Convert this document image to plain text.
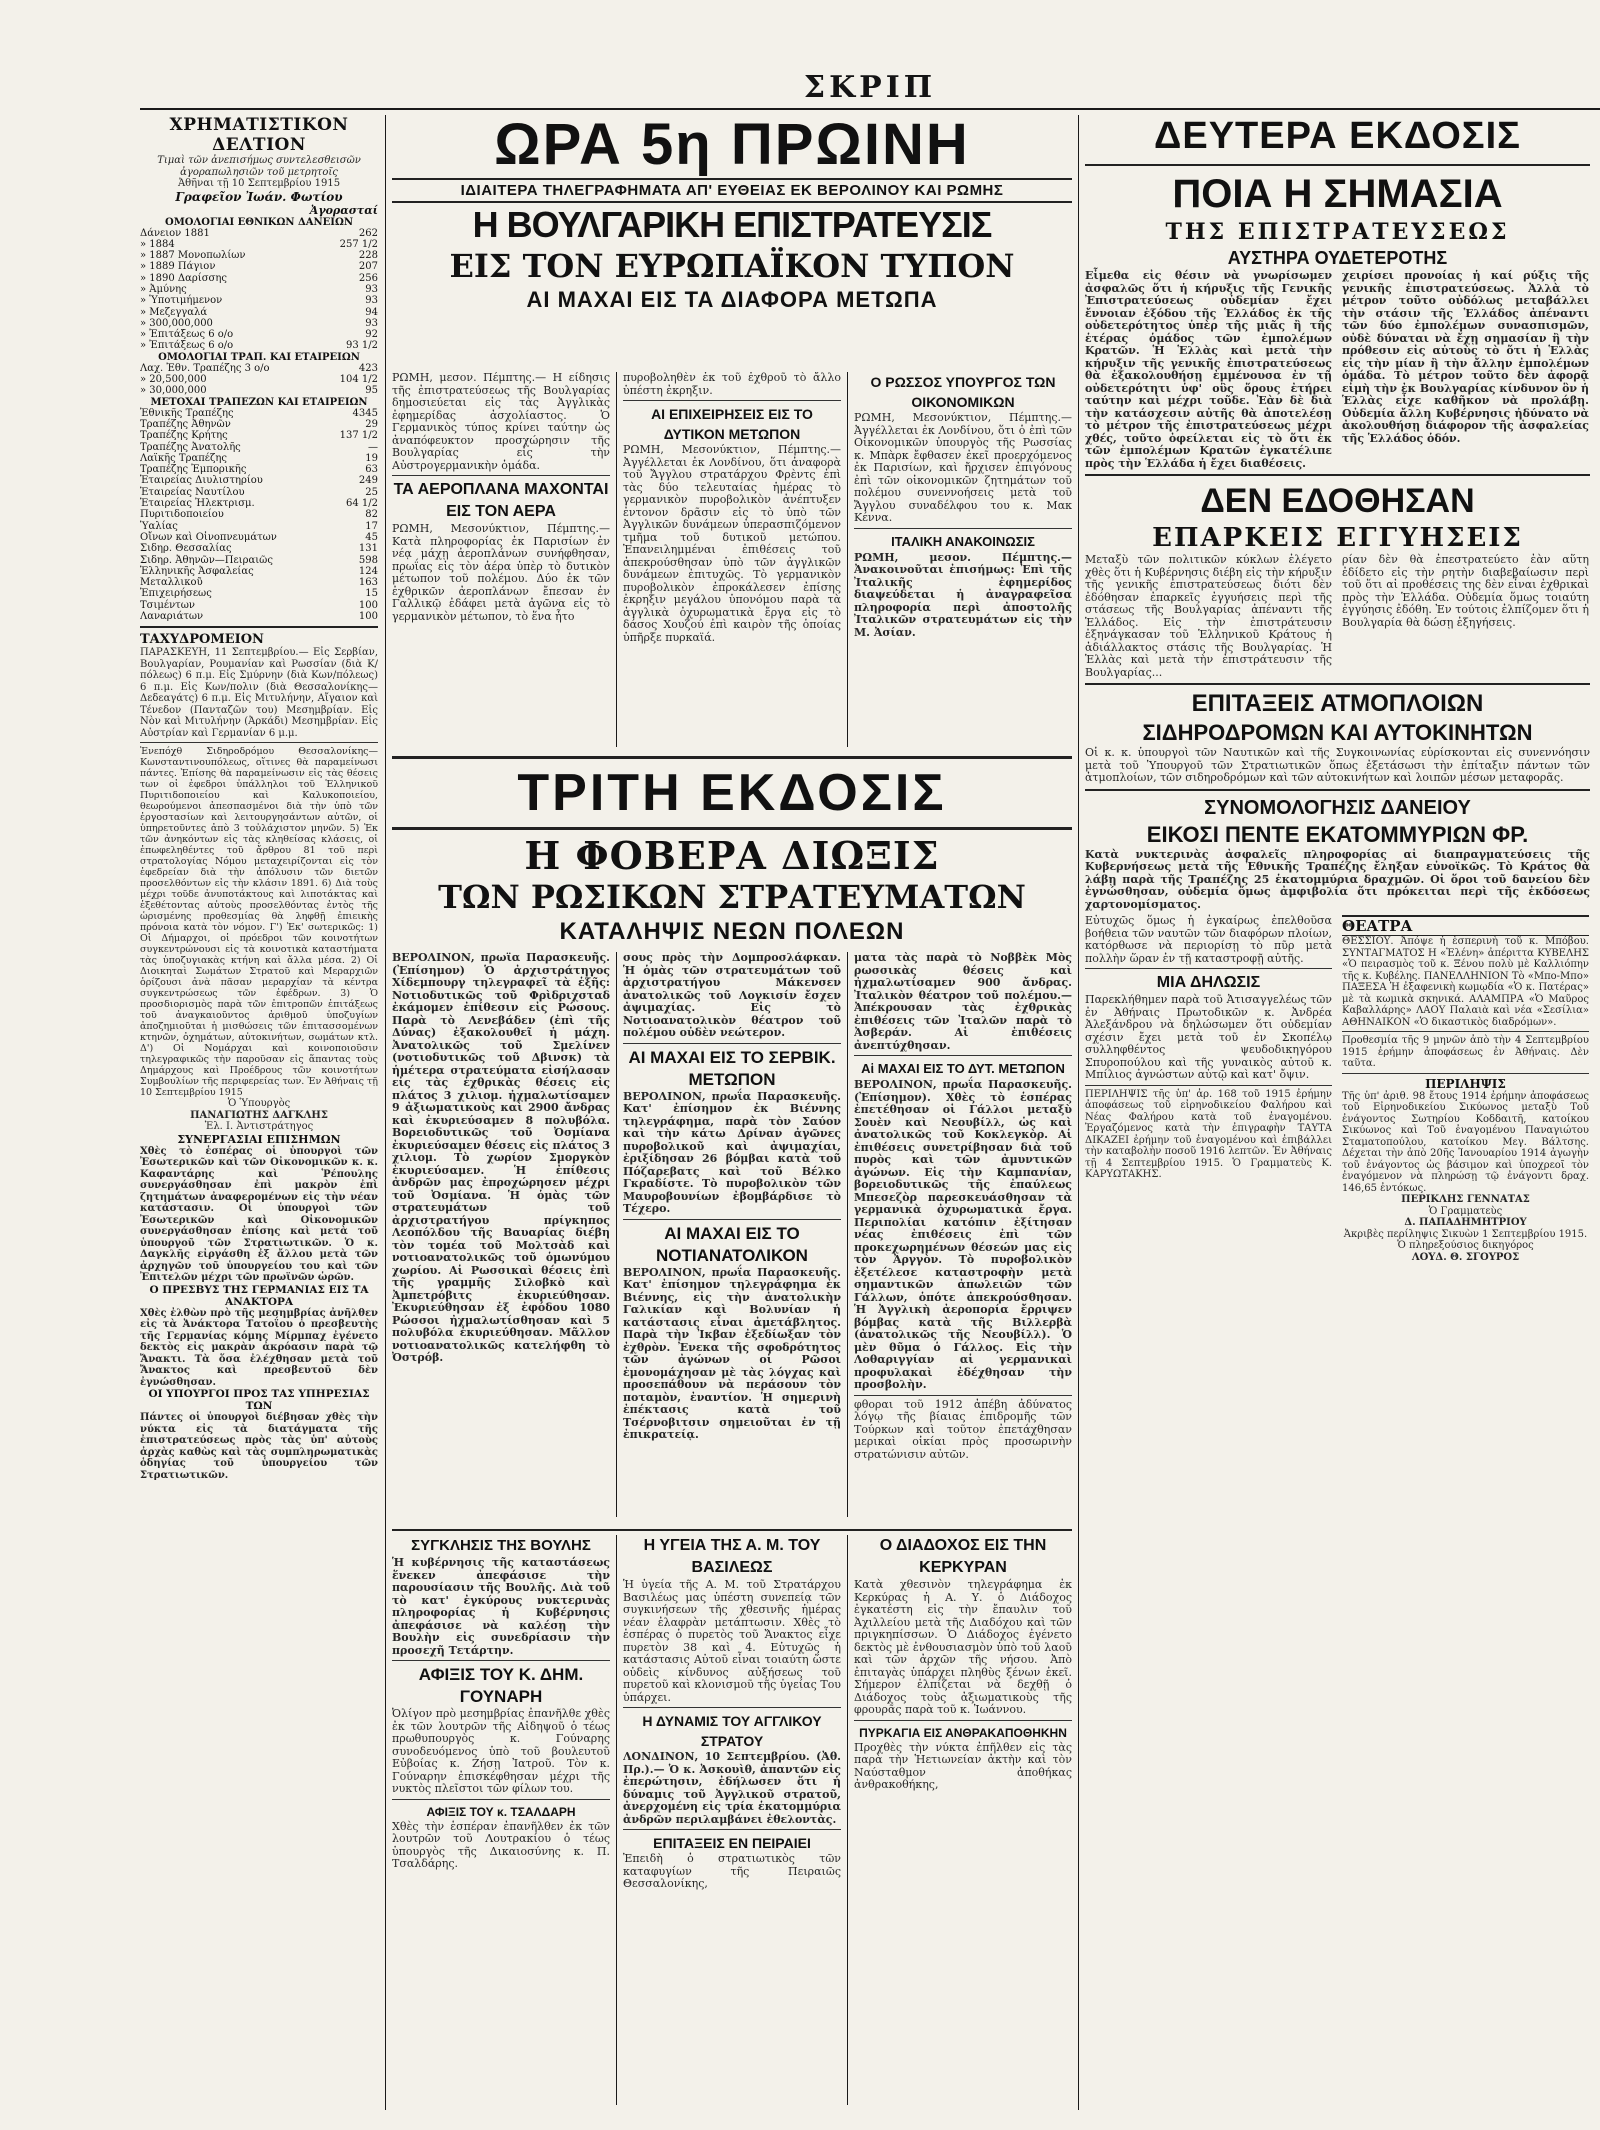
ΣΚΡΙΠ
ΧΡΗΜΑΤΙΣΤΙΚΟΝ ΔΕΛΤΙΟΝ

Τιμαὶ τῶν ἀνεπισήμως συντελεσθεισῶν ἀγοραπωλησιῶν τοῦ μετρητοῖς

Ἀθῆναι τῇ 10 Σεπτεμβρίου 1915

Γραφεῖον Ἰωάν. Φωτίου
Ἀγορασταί
ΟΜΟΛΟΓΙΑΙ ΕΘΝΙΚΩΝ ΔΑΝΕΙΩΝ
Δάνειον 1881	262
» 1884	257 1/2
» 1887 Μονοπωλίων	228
» 1889 Πάγιον	207
» 1890 Δαρίσσης	256
» Ἀμύνης	93
» Ὑποτιμήμενον	93
» Μεζεγγαλά	94
» 300,000,000	93
» Ἐπιτάξεως 6 ο/ο	92
» Ἐπιτάξεως 6 ο/ο	93 1/2
ΟΜΟΛΟΓΙΑΙ ΤΡΑΠ. ΚΑΙ ΕΤΑΙΡΕΙΩΝ
Λαχ. Ἐθν. Τραπέζης 3 ο/ο	423
» 20,500,000	104 1/2
» 30,000,000	95
ΜΕΤΟΧΑΙ ΤΡΑΠΕΖΩΝ ΚΑΙ ΕΤΑΙΡΕΙΩΝ
Ἐθνικῆς Τραπέζης	4345
Τραπέζης Ἀθηνῶν	29
Τραπέζης Κρήτης	137 1/2
Τραπέζης Ἀνατολῆς	—
Λαϊκῆς Τραπέζης	19
Τραπέζης Ἐμπορικῆς	63
Ἑταιρείας Διυλιστηρίου	249
Ἑταιρείας Ναυτίλου	25
Ἑταιρείας Ἠλεκτρισμ.	64 1/2
Πυριτιδοποιείου	82
Ὑαλίας	17
Οἴνων καὶ Οἰνοπνευμάτων	45
Σιδηρ. Θεσσαλίας	131
Σιδηρ. Ἀθηνῶν—Πειραιῶς	598
Ἑλληνικῆς Ἀσφαλείας	124
Μεταλλικοῦ	163
Ἐπιχειρήσεως	15
Τσιμέντων	100
Λαναριάτων	100
ΤΑΧΥΔΡΟΜΕΙΟΝ

ΠΑΡΑΣΚΕΥΗ, 11 Σεπτεμβρίου.— Εἰς Σερβίαν, Βουλγαρίαν, Ρουμανίαν καὶ Ρωσσίαν (διὰ Κ/πόλεως) 6 π.μ. Εἰς Σμύρνην (διὰ Κων/πόλεως) 6 π.μ. Εἰς Κων/πολιν (διὰ Θεσσαλονίκης—Δεδεαγάτς) 6 π.μ. Εἰς Μιτυλήνην, Αἴγαιον καὶ Τένεδον (Πανταζῶν του) Μεσημβρίαν. Εἰς Νὸν καὶ Μιτυλήνην (Ἀρκάδι) Μεσημβρίαν. Εἰς Αὐστρίαν καὶ Γερμανίαν 6 μ.μ.

Ἐνεπόχθ Σιδηροδρόμου Θεσσαλονίκης—Κωνσταντινουπόλεως, οἵτινες θὰ παραμείνωσι πάντες. Ἐπίσης θὰ παραμείνωσιν εἰς τὰς θέσεις των οἱ ἐφεδροι ὑπάλληλοι τοῦ Ἑλληνικοῦ Πυριτιδοποιείου καὶ Καλυκοποιείου, θεωρούμενοι ἀπεσπασμένοι διὰ τὴν ὑπὸ τῶν ἐργοστασίων καὶ λειτουργησάντων αὐτῶν, οἱ ὑπηρετοῦντες ἀπὸ 3 τοὐλάχιστον μηνῶν. 5) Ἐκ τῶν ἀνηκόντων εἰς τὰς κληθείσας κλάσεις, οἱ ἐπωφεληθέντες τοῦ ἄρθρου 81 τοῦ περὶ στρατολογίας Νόμου μεταχειρίζονται εἰς τὸν ἐφεδρείαν διὰ τὴν ἀπόλυσιν τῶν διετῶν προσελθόντων εἰς τὴν κλάσιν 1891. 6) Διὰ τοὺς μέχρι τοῦδε ἀνυποτάκτους καὶ λιποτάκτας καὶ ἐξεθέτοντας αὐτοὺς προσελθόντας ἐντὸς τῆς ὡρισμένης προθεσμίας θὰ ληφθῇ ἐπιεικὴς πρόνοια κατὰ τὸν νόμον. Γ') Ἐκ' σωτερικῶς: 1) Οἱ Δήμαρχοι, οἱ πρόεδροι τῶν κοινοτήτων συγκεντρώνουσι εἰς τὰ κοινοτικὰ καταστήματα τὰς ὑποζυγιακὰς κτήνη καὶ ἄλλα μέσα. 2) Οἱ Διοικηταὶ Σωμάτων Στρατοῦ καὶ Μεραρχιῶν ὁρίζουσι ἀνὰ πᾶσαν μεραρχίαν τὰ κέντρα συγκεντρώσεως τῶν ἐφέδρων. 3) Ὁ προσδιορισμὸς παρὰ τῶν ἐπιτροπῶν ἐπιτάξεως τοῦ ἀναγκαιοῦντος ἀριθμοῦ ὑποζυγίων ἀποζημιοῦται ἡ μισθώσεις τῶν ἐπιτασσομένων κτηνῶν, ὀχημάτων, αὐτοκινήτων, σωμάτων κτλ. Δ') Οἱ Νομάρχαι καὶ κοινοποιοῦσιν τηλεγραφικῶς τὴν παροῦσαν εἰς ἅπαντας τοὺς Δημάρχους καὶ Προέδρους τῶν κοινοτήτων Συμβουλίων τῆς περιφερείας των. Ἐν Ἀθήναις τῇ 10 Σεπτεμβρίου 1915

Ὁ Ὑπουργὸς

ΠΑΝΑΓΙΩΤΗΣ ΔΑΓΚΛΗΣ

Ἐλ. Ι. Ἀντιστράτηγος

ΣΥΝΕΡΓΑΣΙΑΙ ΕΠΙΣΗΜΩΝ

Χθὲς τὸ ἑσπέρας οἱ ὑπουργοὶ τῶν Ἐσωτερικῶν καὶ τῶν Οἰκονομικῶν κ. κ. Καφαντάρης καὶ Ῥέπουλης συνεργάσθησαν ἐπὶ μακρὸν ἐπὶ ζητημάτων ἀναφερομένων εἰς τὴν νέαν κατάστασιν. Οἱ ὑπουργοὶ τῶν Ἐσωτερικῶν καὶ Οἰκονομικῶν συνεργάσθησαν ἐπίσης καὶ μετὰ τοῦ ὑπουργοῦ τῶν Στρατιωτικῶν. Ὁ κ. Δαγκλῆς εἰργάσθη ἐξ ἄλλου μετὰ τῶν ἀρχηγῶν τοῦ ὑπουργείου του καὶ τῶν Ἐπιτελῶν μέχρι τῶν πρωϊνῶν ὡρῶν.

Ο ΠΡΕΣΒΥΣ ΤΗΣ ΓΕΡΜΑΝΙΑΣ ΕΙΣ ΤΑ ΑΝΑΚΤΟΡΑ

Χθὲς ἐλθὼν πρὸ τῆς μεσημβρίας ἀνῆλθεν εἰς τὰ Ἀνάκτορα Τατοΐου ὁ πρεσβευτὴς τῆς Γερμανίας κόμης Μίρμπαχ ἐγένετο δεκτὸς εἰς μακρὰν ἀκρόασιν παρὰ τῷ Ἄνακτι. Τὰ ὅσα ἐλέχθησαν μετὰ τοῦ Ἄνακτος καὶ πρεσβευτοῦ δὲν ἐγνώσθησαν.

ΟΙ ΥΠΟΥΡΓΟΙ ΠΡΟΣ ΤΑΣ ΥΠΗΡΕΣΙΑΣ ΤΩΝ

Πάντες οἱ ὑπουργοὶ διέβησαν χθὲς τὴν νύκτα εἰς τὰ διατάγματα τῆς ἐπιστρατεύσεως πρὸς τὰς ὑπ' αὐτοὺς ἀρχὰς καθὼς καὶ τὰς συμπληρωματικὰς ὁδηγίας τοῦ ὑπουργείου τῶν Στρατιωτικῶν.

ΩΡΑ 5η ΠΡΩΙΝΗ
ΙΔΙΑΙΤΕΡΑ ΤΗΛΕΓΡΑΦΗΜΑΤΑ ΑΠ' ΕΥΘΕΙΑΣ ΕΚ ΒΕΡΟΛΙΝΟΥ ΚΑΙ ΡΩΜΗΣ
Η ΒΟΥΛΓΑΡΙΚΗ ΕΠΙΣΤΡΑΤΕΥΣΙΣ
ΕΙΣ ΤΟΝ ΕΥΡΩΠΑΪΚΟΝ ΤΥΠΟΝ
ΑΙ ΜΑΧΑΙ ΕΙΣ ΤΑ ΔΙΑΦΟΡΑ ΜΕΤΩΠΑ

ΡΩΜΗ, μεσον. Πέμπτης.— Η είδησις τῆς ἐπιστρατεύσεως τῆς Βουλγαρίας δημοσιεύεται εἰς τὰς Ἀγγλικὰς ἐφημερίδας ἀσχολίαστος. Ὁ Γερμανικὸς τύπος κρίνει ταύτην ὡς ἀναπόφευκτον προσχώρησιν τῆς Βουλγαρίας εἰς τὴν Αὐστρογερμανικὴν ὁμάδα.

ΤΑ ΑΕΡΟΠΛΑΝΑ ΜΑΧΟΝΤΑΙ ΕΙΣ ΤΟΝ ΑΕΡΑ

ΡΩΜΗ, Μεσονύκτιον, Πέμπτης.— Κατὰ πληροφορίας ἐκ Παρισίων ἐν νέᾳ μάχῃ ἀεροπλάνων συνήφθησαν, πρωΐας εἰς τὸν ἀέρα ὑπὲρ τὸ δυτικὸν μέτωπον τοῦ πολέμου. Δύο ἐκ τῶν ἐχθρικῶν ἀεροπλάνων ἔπεσαν ἐν Γαλλικῷ ἐδάφει μετὰ ἀγῶνα εἰς τὸ γερμανικὸν μέτωπον, τὸ ἕνα ἦτο

πυροβοληθὲν ἐκ τοῦ ἐχθροῦ τὸ ἄλλο ὑπέστη ἐκρηξιν.

ΑΙ ΕΠΙΧΕΙΡΗΣΕΙΣ ΕΙΣ ΤΟ ΔΥΤΙΚΟΝ ΜΕΤΩΠΟΝ

ΡΩΜΗ, Μεσονύκτιον, Πέμπτης.— Ἀγγέλλεται ἐκ Λονδίνου, ὅτι ἀναφορὰ τοῦ Ἄγγλου στρατάρχου Φρὲντς ἐπὶ τὰς δύο τελευταίας ἡμέρας τὸ γερμανικὸν πυροβολικὸν ἀνέπτυξεν ἐντονον δρᾶσιν εἰς τὸ ὑπὸ τῶν Ἀγγλικῶν δυνάμεων ὑπερασπιζόμενον τμῆμα τοῦ δυτικοῦ μετώπου. Ἐπανειλημμέναι ἐπιθέσεις τοῦ ἀπεκρούσθησαν ὑπὸ τῶν ἀγγλικῶν δυνάμεων ἐπιτυχῶς. Τὸ γερμανικὸν πυροβολικὸν ἐπροκάλεσεν ἐπίσης ἐκρηξιν μεγάλου ὑπονόμου παρὰ τὰ ἀγγλικὰ ὀχυρωματικὰ ἔργα εἰς τὸ δάσος Χουζού ἐπὶ καιρὸν τῆς ὁποίας ὑπῆρξε πυρκαϊά.

Ο ΡΩΣΣΟΣ ΥΠΟΥΡΓΟΣ ΤΩΝ ΟΙΚΟΝΟΜΙΚΩΝ

ΡΩΜΗ, Μεσονύκτιον, Πέμπτης.— Ἀγγέλλεται ἐκ Λονδίνου, ὅτι ὁ ἐπὶ τῶν Οἰκονομικῶν ὑπουργὸς τῆς Ρωσσίας κ. Μπὰρκ ἔφθασεν ἐκεῖ προερχόμενος ἐκ Παρισίων, καὶ ἤρχισεν ἐπιγόνους ἐπὶ τῶν οἰκονομικῶν ζητημάτων τοῦ πολέμου συνεννοήσεις μετὰ τοῦ Ἄγγλου συναδέλφου του κ. Μακ Κέννα.

ΙΤΑΛΙΚΗ ΑΝΑΚΟΙΝΩΣΙΣ

ΡΩΜΗ, μεσον. Πέμπτης.— Ἀνακοινοῦται ἐπισήμως: Ἐπὶ τῆς Ἰταλικῆς ἐφημερίδος διαψεύδεται ἡ ἀναγραφεῖσα πληροφορία περὶ ἀποστολῆς Ἰταλικῶν στρατευμάτων εἰς τὴν Μ. Ἀσίαν.

ΤΡΙΤΗ ΕΚΔΟΣΙΣ
Η ΦΟΒΕΡΑ ΔΙΩΞΙΣ
ΤΩΝ ΡΩΣΙΚΩΝ ΣΤΡΑΤΕΥΜΑΤΩΝ
ΚΑΤΑΛΗΨΙΣ ΝΕΩΝ ΠΟΛΕΩΝ

ΒΕΡΟΛΙΝΟΝ, πρωΐα Παρασκευῆς. (Ἐπίσημον) Ὁ ἀρχιστράτηγος Χίδεμπουργ τηλεγραφεῖ τὰ ἑξῆς: Νοτιοδυτικῶς τοῦ Φρὶδριχσταδ ἐκάμομεν ἐπίθεσιν εἰς Ρώσους. Παρὰ τὸ Λενεβάδεν (ἐπὶ τῆς Δύνας) ἐξακολουθεῖ ἡ μάχη. Ἀνατολικῶς τοῦ Σμελίνεν (νοτιοδυτικῶς τοῦ Δβινσκ) τὰ ἡμέτερα στρατεύματα εἰσήλασαν εἰς τὰς ἐχθρικὰς θέσεις εἰς πλάτος 3 χιλιομ. ἠχμαλωτίσαμεν 9 ἀξιωματικοὺς καὶ 2900 ἄνδρας καὶ ἐκυριεύσαμεν 8 πολυβόλα. Βορειοδυτικῶς τοῦ Ὀσμίανα ἐκυριεύσαμεν θέσεις εἰς πλάτος 3 χιλιομ. Τὸ χωρίον Σμοργκὸν ἐκυριεύσαμεν. Ἡ ἐπίθεσις ἀνδρῶν μας ἐπροχώρησεν μέχρι τοῦ Ὀσμίανα. Ἡ ὁμὰς τῶν στρατευμάτων τοῦ ἀρχιστρατήγου πρίγκηπος Λεοπόλδου τῆς Βαυαρίας διέβη τὸν τομέα τοῦ Μολτσὰδ καὶ νοτιοανατολικῶς τοῦ ὁμωνύμου χωρίου. Αἱ Ρωσσικαὶ θέσεις ἐπὶ τῆς γραμμῆς Σιλοβκὸ καὶ Ἀμπετρόβιτς ἐκυριεύθησαν. Ἐκυριεύθησαν ἐξ ἐφόδου 1080 Ρώσσοι ἠχμαλωτίσθησαν καὶ 5 πολυβόλα ἐκυριεύθησαν. Μᾶλλον νοτιοανατολικῶς κατελήφθη τὸ Ὀστρόβ.

σους πρὸς τὴν Δομπροσλάφκαν. Ἡ ὁμὰς τῶν στρατευμάτων τοῦ ἀρχιστρατήγου Μάκενσεν ἀνατολικῶς τοῦ Λογκισίν ἔσχεν ἀψιμαχίας. Εἰς τὸ Νοτιοανατολικὸν θέατρον τοῦ πολέμου οὐδὲν νεώτερον.

ΑΙ ΜΑΧΑΙ ΕΙΣ ΤΟ ΣΕΡΒΙΚ. ΜΕΤΩΠΟΝ

ΒΕΡΟΛΙΝΟΝ, πρωΐα Παρασκευῆς. Κατ' ἐπίσημον ἐκ Βιέννης τηλεγράφημα, παρὰ τὸν Σαύον καὶ τὴν κάτω Δρίναν ἀγῶνες πυροβολικοῦ καὶ ἀψιμαχίαι, ἐριξίδησαν 26 βόμβαι κατὰ τοῦ Πόζαρεβατς καὶ τοῦ Βέλκο Γκραδίστε. Τὸ πυροβολικὸν τῶν Μαυροβουνίων ἐβομβάρδισε τὸ Τέχερο.

ΑΙ ΜΑΧΑΙ ΕΙΣ ΤΟ ΝΟΤΙΑΝΑΤΟΛΙΚΟΝ

ΒΕΡΟΛΙΝΟΝ, πρωΐα Παρασκευῆς. Κατ' ἐπίσημον τηλεγράφημα ἐκ Βιέννης, εἰς τὴν ἀνατολικὴν Γαλικίαν καὶ Βολυνίαν ἡ κατάστασις εἶναι ἀμετάβλητος. Παρὰ τὴν Ἰκβαν ἐξεδίωξαν τὸν ἐχθρὸν. Ἐνεκα τῆς σφοδρότητος τῶν ἀγώνων οἱ Ρῶσοι ἐμονομάχησαν μὲ τὰς λόγχας καὶ προσεπάθουν νὰ περάσουν τὸν ποταμὸν, ἐναντίον. Ἡ σημερινὴ ἐπέκτασις κατὰ τοῦ Τσέρνοβιτσιν σημειοῦται ἐν τῇ ἐπικρατείᾳ.

ματα τὰς παρὰ τὸ Νοββὲκ Μὸς ρωσσικὰς θέσεις καὶ ἠχμαλωτίσαμεν 900 ἄνδρας. Ἰταλικὸν θέατρον τοῦ πολέμου.— Ἀπέκρουσαν τὰς ἐχθρικὰς ἐπιθέσεις τῶν Ἰταλῶν παρὰ τὸ Ἀσβεράν. Αἱ ἐπιθέσεις ἀνεπτύχθησαν.

Αἱ ΜΑΧΑΙ ΕΙΣ ΤΟ ΔΥΤ. ΜΕΤΩΠΟΝ

ΒΕΡΟΛΙΝΟΝ, πρωΐα Παρασκευῆς. (Ἐπίσημον). Χθὲς τὸ ἑσπέρας ἐπετέθησαν οἱ Γάλλοι μεταξὺ Σουὲν καὶ Νεουβίλλ, ὡς καὶ ἀνατολικῶς τοῦ Κοκλεγκὸρ. Αἱ ἐπιθέσεις συνετρίβησαν διὰ τοῦ πυρὸς καὶ τῶν ἀμυντικῶν ἀγώνων. Εἰς τὴν Καμπανίαν, βορειοδυτικῶς τῆς ἐπαύλεως Μπεσεζὸρ παρεσκευάσθησαν τὰ γερμανικὰ ὀχυρωματικὰ ἔργα. Περιπολίαι κατόπιν ἐξίτησαν νέας ἐπιθέσεις ἐπὶ τῶν προκεχωρημένων θέσεών μας εἰς τὸν Ἀργγὸν. Τὸ πυροβολικὸν ἐξετέλεσε καταστροφὴν μετὰ σημαντικῶν ἀπωλειῶν τῶν Γάλλων, ὁπότε ἀπεκρούσθησαν. Ἡ Ἀγγλικὴ ἀεροπορία ἔρριψεν βόμβας κατὰ τῆς Βιλλερβὰ (ἀνατολικῶς τῆς Νεουβίλλ). Ὁ μὲν θῦμα ὁ Γάλλος. Εἰς τὴν Λοθαριγγίαν αἱ γερμανικαὶ προφυλακαὶ ἐδέχθησαν τὴν προσβολὴν.

φθοραι τοῦ 1912 ἀπέβη ἀδύνατος λόγῳ τῆς βίαιας ἐπιδρομῆς τῶν Τούρκων καὶ τοῦτον ἐπετάχθησαν μερικαὶ οἰκίαι πρὸς προσωρινὴν στρατώνισιν αὐτῶν.

ΣΥΓΚΛΗΣΙΣ ΤΗΣ ΒΟΥΛΗΣ

Ἡ κυβέρνησις τῆς καταστάσεως ἕνεκεν ἀπεφάσισε τὴν παρουσίασιν τῆς Βουλῆς. Διὰ τοῦ τὸ κατ' ἐγκύρους νυκτερινὰς πληροφορίας ἡ Κυβέρνησις ἀπεφάσισε νὰ καλέσῃ τὴν Βουλὴν εἰς συνεδρίασιν τὴν προσεχῆ Τετάρτην.

ΑΦΙΞΙΣ ΤΟΥ Κ. ΔΗΜ. ΓΟΥΝΑΡΗ

Ὀλίγον πρὸ μεσημβρίας ἐπανῆλθε χθὲς ἐκ τῶν λουτρῶν τῆς Αἰδηψοῦ ὁ τέως πρωθυπουργὸς κ. Γούναρης συνοδευόμενος ὑπὸ τοῦ βουλευτοῦ Εὐβοίας κ. Ζήσῃ Ἰατροῦ. Τὸν κ. Γούναρην ἐπισκέφθησαν μέχρι τῆς νυκτὸς πλεῖστοι τῶν φίλων του.

ΑΦΙΞΙΣ ΤΟΥ κ. ΤΣΑΛΔΑΡΗ

Χθὲς τὴν ἑσπέραν ἐπανῆλθεν ἐκ τῶν λουτρῶν τοῦ Λουτρακίου ὁ τέως ὑπουργὸς τῆς Δικαιοσύνης κ. Π. Τσαλδάρης.

Η ΥΓΕΙΑ ΤΗΣ Α. Μ. ΤΟΥ ΒΑΣΙΛΕΩΣ

Ἡ ὑγεία τῆς Α. Μ. τοῦ Στρατάρχου Βασιλέως μας ὑπέστη συνεπείᾳ τῶν συγκινήσεων τῆς χθεσινῆς ἡμέρας νέαν ἐλαφρὰν μετάπτωσιν. Χθὲς τὸ ἑσπέρας ὁ πυρετὸς τοῦ Ἄνακτος εἶχε πυρετὸν 38 καὶ 4. Εὐτυχῶς ἡ κατάστασις Αὐτοῦ εἶναι τοιαύτη ὥστε οὐδεὶς κίνδυνος αὐξήσεως τοῦ πυρετοῦ καὶ κλονισμοῦ τῆς ὑγείας Του ὑπάρχει.

Η ΔΥΝΑΜΙΣ ΤΟΥ ΑΓΓΛΙΚΟΥ ΣΤΡΑΤΟΥ

ΛΟΝΔΙΝΟΝ, 10 Σεπτεμβρίου. (Ἀθ. Πρ.).— Ὁ κ. Ἀσκουὶθ, ἀπαντῶν εἰς ἐπερώτησιν, ἐδήλωσεν ὅτι ἡ δύναμις τοῦ Ἀγγλικοῦ στρατοῦ, ἀνερχομένη εἰς τρία ἑκατομμύρια ἀνδρῶν περιλαμβάνει ἐθελοντὰς.

ΕΠΙΤΑΞΕΙΣ ΕΝ ΠΕΙΡΑΙΕΙ

Ἐπειδὴ ὁ στρατιωτικὸς τῶν καταφυγίων τῆς Πειραιῶς Θεσσαλονίκης,

Ο ΔΙΑΔΟΧΟΣ ΕΙΣ ΤΗΝ ΚΕΡΚΥΡΑΝ

Κατὰ χθεσινὸν τηλεγράφημα ἐκ Κερκύρας ἡ Α. Υ. ὁ Διάδοχος ἐγκατέστη εἰς τὴν ἔπαυλιν τοῦ Ἀχιλλείου μετὰ τῆς Διαδόχου καὶ τῶν πριγκηπίσσων. Ὁ Διάδοχος ἐγένετο δεκτὸς μὲ ἐνθουσιασμὸν ὑπὸ τοῦ λαοῦ καὶ τῶν ἀρχῶν τῆς νήσου. Ἀπὸ ἐπιταγὰς ὑπάρχει πληθὺς ξένων ἐκεῖ. Σήμερον ἐλπίζεται νὰ δεχθῇ ὁ Διάδοχος τοὺς ἀξιωματικοὺς τῆς φρουρᾶς παρὰ τοῦ κ. Ἰωάννου.

ΠΥΡΚΑΓΙΑ ΕΙΣ ΑΝΘΡΑΚΑΠΟΘΗΚΗΝ

Προχθὲς τὴν νύκτα ἐπῆλθεν εἰς τὰς παρὰ τὴν Ἡετιωνείαν ἀκτὴν καὶ τὸν Ναύσταθμον ἀποθήκας ἀνθρακοθήκης,

ΔΕΥΤΕΡΑ ΕΚΔΟΣΙΣ
ΠΟΙΑ Η ΣΗΜΑΣΙΑ
ΤΗΣ ΕΠΙΣΤΡΑΤΕΥΣΕΩΣ
ΑΥΣΤΗΡΑ ΟΥΔΕΤΕΡΟΤΗΣ

Εἶμεθα εἰς θέσιν νὰ γνωρίσωμεν ἀσφαλῶς ὅτι ἡ κήρυξις τῆς Γενικῆς Ἐπιστρατεύσεως οὐδεμίαν ἔχει ἔννοιαν ἐξόδου τῆς Ἑλλάδος ἐκ τῆς οὐδετερότητος ὑπὲρ τῆς μιᾶς ἢ τῆς ἑτέρας ὁμάδος τῶν ἐμπολέμων Κρατῶν. Ἡ Ἑλλὰς καὶ μετὰ τὴν κήρυξιν τῆς γενικῆς ἐπιστρατεύσεως θὰ ἐξακολουθήσῃ ἐμμένουσα ἐν τῇ οὐδετερότητι ὑφ' οὓς ὅρους ἐτήρει ταύτην καὶ μέχρι τοῦδε. Ἐὰν δὲ διὰ τὴν κατάσχεσιν αὐτῆς θὰ ἀποτελέσῃ τὸ μέτρον τῆς ἐπιστρατεύσεως μέχρι χθές, τοῦτο ὀφείλεται εἰς τὸ ὅτι ἐκ τῶν ἐμπολέμων Κρατῶν ἐγκατέλιπε πρὸς τὴν Ἑλλάδα ἡ ἔχει διαθέσεις.

χειρίσει προνοίας ἡ καί ρύξις τῆς γενικῆς ἐπιστρατεύσεως. Ἀλλὰ τὸ μέτρον τοῦτο οὐδόλως μεταβάλλει τὴν στάσιν τῆς Ἑλλάδος ἀπέναντι τῶν δύο ἐμπολέμων συνασπισμῶν, οὐδὲ δύναται νὰ ἔχῃ σημασίαν ἢ τὴν πρόθεσιν εἰς αὐτοὺς τὸ ὅτι ἡ Ἑλλὰς εἰς τὴν μίαν ἢ τὴν ἄλλην ἐμπολέμων ὁμάδα. Τὸ μέτρον τοῦτο δὲν ἀφορᾷ εἰμὴ τὴν ἐκ Βουλγαρίας κίνδυνον ὃν ἡ Ἑλλὰς εἶχε καθῆκον νὰ προλάβῃ. Οὐδεμία ἄλλη Κυβέρνησις ἠδύνατο νὰ ἀκολουθήσῃ διάφορον τῆς ἀσφαλείας τῆς Ἑλλάδος ὁδόν.

ΔΕΝ ΕΔΟΘΗΣΑΝ
ΕΠΑΡΚΕΙΣ ΕΓΓΥΗΣΕΙΣ

Μεταξὺ τῶν πολιτικῶν κύκλων ἐλέγετο χθὲς ὅτι ἡ Κυβέρνησις διέβη εἰς τὴν κήρυξιν τῆς γενικῆς ἐπιστρατεύσεως διότι δὲν ἐδόθησαν ἐπαρκεῖς ἐγγυήσεις περὶ τῆς στάσεως τῆς Βουλγαρίας ἀπέναντι τῆς Ἑλλάδος. Εἰς τὴν ἐπιστράτευσιν ἐξηνάγκασαν τοῦ Ἑλληνικοῦ Κράτους ἡ ἀδιάλλακτος στάσις τῆς Βουλγαρίας. Ἡ Ἑλλὰς καὶ μετὰ τὴν ἐπιστράτευσιν τῆς Βουλγαρίας...

ρίαν δὲν θὰ ἐπεστρατεύετο ἐὰν αὕτη ἐδίδετο εἰς τὴν ρητὴν διαβεβαίωσιν περὶ τοῦ ὅτι αἱ προθέσεις της δὲν εἶναι ἐχθρικαὶ πρὸς τὴν Ἑλλάδα. Οὐδεμία ὅμως τοιαύτη ἐγγύησις ἐδόθη. Ἐν τούτοις ἐλπίζομεν ὅτι ἡ Βουλγαρία θὰ δώσῃ ἐξηγήσεις.

ΕΠΙΤΑΞΕΙΣ ΑΤΜΟΠΛΟΙΩΝ
ΣΙΔΗΡΟΔΡΟΜΩΝ ΚΑΙ ΑΥΤΟΚΙΝΗΤΩΝ

Οἱ κ. κ. ὑπουργοὶ τῶν Ναυτικῶν καὶ τῆς Συγκοινωνίας εὑρίσκονται εἰς συνεννόησιν μετὰ τοῦ Ὑπουργοῦ τῶν Στρατιωτικῶν ὅπως ἐξετάσωσι τὴν ἐπίταξιν πάντων τῶν ἀτμοπλοίων, τῶν σιδηροδρόμων καὶ τῶν αὐτοκινήτων καὶ λοιπῶν μέσων μεταφορᾶς.

ΣΥΝΟΜΟΛΟΓΗΣΙΣ ΔΑΝΕΙΟΥ
ΕΙΚΟΣΙ ΠΕΝΤΕ ΕΚΑΤΟΜΜΥΡΙΩΝ ΦΡ.

Κατὰ νυκτερινὰς ἀσφαλεῖς πληροφορίας αἱ διαπραγματεύσεις τῆς Κυβερνήσεως μετὰ τῆς Ἐθνικῆς Τραπέζης ἔληξαν εὐνοϊκῶς. Τὸ Κράτος θὰ λάβῃ παρὰ τῆς Τραπέζης 25 ἑκατομμύρια δραχμῶν. Οἱ ὅροι τοῦ δανείου δὲν ἐγνώσθησαν, οὐδεμία ὅμως ἀμφιβολία ὅτι πρόκειται περὶ τῆς ἐκδόσεως χαρτονομίσματος.

Εὐτυχῶς ὅμως ἡ ἐγκαίρως ἐπελθοῦσα βοήθεια τῶν ναυτῶν τῶν διαφόρων πλοίων, κατόρθωσε νὰ περιορίσῃ τὸ πῦρ μετὰ πολλὴν ὥραν ἐν τῇ καταστροφῇ αὐτῆς.

ΜΙΑ ΔΗΛΩΣΙΣ

Παρεκλήθημεν παρὰ τοῦ Ἀτισαγγελέως τῶν ἐν Ἀθήναις Πρωτοδικῶν κ. Ἀνδρέα Ἀλεξάνδρου νὰ δηλώσωμεν ὅτι οὐδεμίαν σχέσιν ἔχει μετὰ τοῦ ἐν Σκοπέλῳ συλληφθέντος ψευδοδικηγόρου Σπυροπούλου καὶ τῆς γυναικὸς αὐτοῦ κ. Μπίλιος ἀγνώστων αὐτῷ καὶ κατ' ὄψιν.

ΠΕΡΙΛΗΨΙΣ τῆς ὑπ' ἀρ. 168 τοῦ 1915 ἐρήμην ἀποφάσεως τοῦ εἰρηνοδικείου Φαλήρου καὶ Νέας Φαλήρου κατὰ τοῦ ἐναγομένου. Ἐργαζόμενος κατὰ τὴν ἐπιγραφὴν ΤΑΥΤΑ ΔΙΚΑΖΕΙ ἐρήμην τοῦ ἐναγομένου καὶ ἐπιβάλλει τὴν καταβολὴν ποσοῦ 1916 λεπτῶν. Ἐν Ἀθήναις τῇ 4 Σεπτεμβρίου 1915. Ὁ Γραμματεὺς Κ. ΚΑΡΥΩΤΑΚΗΣ.

ΘΕΑΤΡΑ

ΘΕΣΣΙΟΥ. Ἀπόψε ἡ ἑσπερινὴ τοῦ κ. Μπόβου. ΣΥΝΤΑΓΜΑΤΟΣ Η «Ἑλένη» ἀπέριττα ΚΥΒΕΛΗΣ «Ὁ πειρασμὸς τοῦ κ. Ξένου πολὺ μὲ Καλλιόπην τῆς κ. Κυβέλης. ΠΑΝΕΛΛΗΝΙΟΝ Τὸ «Μπο-Μπο» ΠΑΞΕΣΑ Ἡ ἐξαφενικὴ κωμῳδία «Ὁ κ. Πατέρας» μὲ τὰ κωμικὰ σκηνικά. ΑΛΑΜΠΡΑ «Ὁ Μαῦρος Καβαλλάρης» ΛΑΟΥ Παλαιὰ καὶ νέα «Σεσίλια» ΑΘΗΝΑΙΚΟΝ «Ὁ δικαστικὸς διαδρόμων».

Προθεσμία τῆς 9 μηνῶν ἀπὸ τὴν 4 Σεπτεμβρίου 1915 ἐρήμην ἀποφάσεως ἐν Ἀθήναις. Δὲν ταῦτα.

ΠΕΡΙΛΗΨΙΣ

Τῆς ὑπ' ἀριθ. 98 ἔτους 1914 ἐρήμην ἀποφάσεως τοῦ Εἰρηνοδικείου Σικύωνος μεταξὺ Τοῦ ἐνάγοντος Σωτηρίου Κοδδαιτῆ, κατοίκου Σικύωνος καὶ Τοῦ ἐναγομένου Παναγιώτου Σταματοπούλου, κατοίκου Μεγ. Βάλτσης. Δέχεται τὴν ἀπὸ 20ῆς Ἰανουαρίου 1914 ἀγωγὴν τοῦ ἐνάγοντος ὡς βάσιμον καὶ ὑποχρεοῖ τὸν ἐναγόμενον νὰ πληρώσῃ τῷ ἐνάγοντι δραχ. 146,65 ἐντόκως.

ΠΕΡΙΚΛΗΣ ΓΕΝΝΑΤΑΣ

Ὁ Γραμματεὺς

Δ. ΠΑΠΑΔΗΜΗΤΡΙΟΥ

Ἀκριβὲς περίληψις Σικυὼν 1 Σεπτεμβρίου 1915. Ὁ πληρεξούσιος δικηγόρος

ΛΟΥΔ. Θ. ΣΓΟΥΡΟΣ
